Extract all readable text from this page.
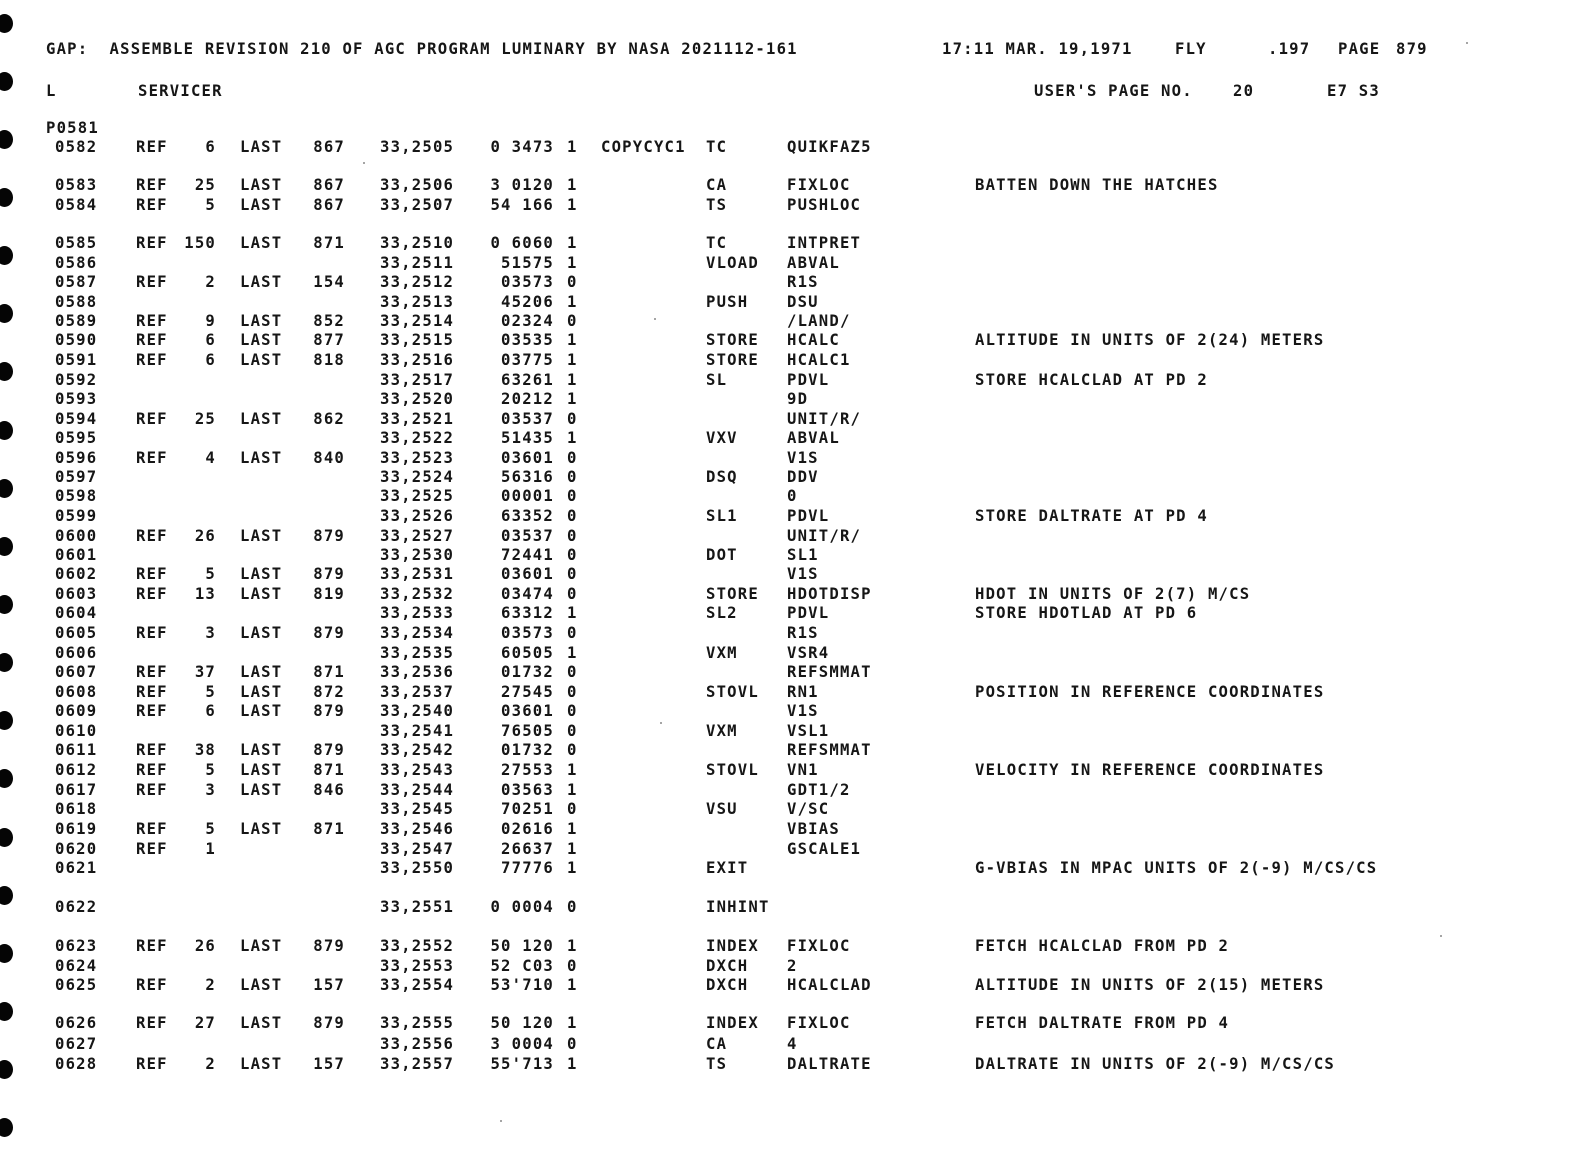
GAP:  ASSEMBLE REVISION 210 OF AGC PROGRAM LUMINARY BY NASA 2021112-161	17:11 MAR. 19,1971	FLY	.197 PAGE 879
L	SERVICER	USER'S PAGE NO.	20	E7 S3
P0581
0582 REF 6 LAST 867 33,2505 0 3473 1 COPYCYC1 TC	QUIKFAZ5
0583 REF 25 LAST 867 33,2506 3 0120 1	CA	FIXLOC	BATTEN DOWN THE HATCHES
0584 REF 5 LAST 867 33,2507 54 166 1	TS	PUSHLOC
0585 REF 150 LAST 871 33,2510 0 6060 1	TC	INTPRET
0586	33,2511	51575 1	VLOAD ABVAL
0587 REF 2 LAST 154 33,2512	03573 0	R1S
0588	33,2513	45206 1	PUSH DSU
0589 REF 9 LAST 852 33,2514	02324 0	/LAND/
0590 REF 6 LAST 877 33,2515	03535 1	STORE HCALC	ALTITUDE IN UNITS OF 2(24) METERS
0591 REF 6 LAST 818 33,2516	03775 1	STORE HCALC1
0592	33,2517	63261 1	SL	PDVL	STORE HCALCLAD AT PD 2
0593	33,2520	20212 1	9D
0594 REF 25 LAST 862 33,2521	03537 0	UNIT/R/
0595	33,2522	51435 1	VXV	ABVAL
0596 REF 4 LAST 840 33,2523	03601 0	V1S
0597	33,2524	56316 0	DSQ	DDV
0598	33,2525	00001 0	0
0599	33,2526	63352 0	SL1	PDVL	STORE DALTRATE AT PD 4
0600 REF 26 LAST 879 33,2527	03537 0	UNIT/R/
0601	33,2530	72441 0	DOT	SL1
0602 REF 5 LAST 879 33,2531	03601 0	V1S
0603 REF 13 LAST 819 33,2532	03474 0	STORE HDOTDISP	HDOT IN UNITS OF 2(7) M/CS
0604	33,2533	63312 1	SL2	PDVL	STORE HDOTLAD AT PD 6
0605 REF 3 LAST 879 33,2534	03573 0	R1S
0606	33,2535	60505 1	VXM	VSR4
0607 REF 37 LAST 871 33,2536	01732 0	REFSMMAT
0608 REF 5 LAST 872 33,2537	27545 0	STOVL RN1	POSITION IN REFERENCE COORDINATES
0609 REF 6 LAST 879 33,2540	03601 0	V1S
0610	33,2541	76505 0	VXM	VSL1
0611 REF 38 LAST 879 33,2542	01732 0	REFSMMAT
0612 REF 5 LAST 871 33,2543	27553 1	STOVL VN1	VELOCITY IN REFERENCE COORDINATES
0617 REF 3 LAST 846 33,2544	03563 1	GDT1/2
0618	33,2545	70251 0	VSU	V/SC
0619 REF 5 LAST 871 33,2546	02616 1	VBIAS
0620 REF 1	33,2547	26637 1	GSCALE1
0621	33,2550	77776 1	EXIT	G-VBIAS IN MPAC UNITS OF 2(-9) M/CS/CS
0622	33,2551 0 0004 0	INHINT
0623 REF 26 LAST 879 33,2552 50 120 1	INDEX FIXLOC	FETCH HCALCLAD FROM PD 2
0624	33,2553 52 C03 0	DXCH 2
0625 REF 2 LAST 157 33,2554 53'710 1	DXCH HCALCLAD	ALTITUDE IN UNITS OF 2(15) METERS
0626 REF 27 LAST 879 33,2555 50 120 1	INDEX FIXLOC	FETCH DALTRATE FROM PD 4
0627	33,2556 3 0004 0	CA	4
0628 REF 2 LAST 157 33,2557 55'713 1	TS	DALTRATE	DALTRATE IN UNITS OF 2(-9) M/CS/CS
